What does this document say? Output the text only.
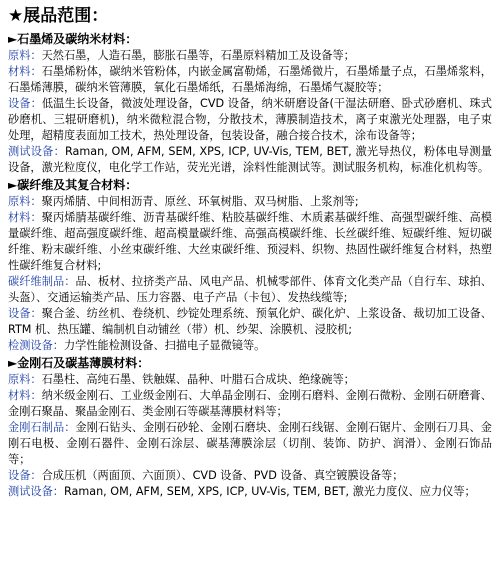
★展品范围：
►石墨烯及碳纳米材料：
原料：天然石墨，人造石墨，膨胀石墨等，石墨原料精加工及设备等；
材料：石墨烯粉体，碳纳米管粉体，内嵌金属富勒烯，石墨烯微片，石墨烯量子点，石墨烯浆料，石墨烯薄膜，碳纳米管薄膜，氧化石墨烯纸，石墨烯海绵，石墨烯气凝胶等；
设备：低温生长设备，微波处理设备，CVD 设备，纳米研磨设备(干湿法研磨、卧式砂磨机、珠式砂磨机、三辊研磨机)，纳米微粒混合物，分散技术，薄膜制造技术，离子束激光处理器，电子束处理，超精度表面加工技术，热处理设备，包装设备，融合接合技术，涂布设备等；
测试设备：Raman, OM, AFM, SEM, XPS, ICP, UV-Vis, TEM, BET, 激光导热仪，粉体电导测量设备，激光粒度仪，电化学工作站，荧光光谱，涂料性能测试等。测试服务机构，标准化机构等。
►碳纤维及其复合材料：
原料：聚丙烯腈、中间相沥青、原丝、环氧树脂、双马树脂、上浆剂等;
材料：聚丙烯腈基碳纤维、沥青基碳纤维、粘胶基碳纤维、木质素基碳纤维、高强型碳纤维、高模量碳纤维、超高强度碳纤维、超高模量碳纤维、高强高模碳纤维、长丝碳纤维、短碳纤维、短切碳纤维、粉末碳纤维、小丝束碳纤维、大丝束碳纤维、预浸料、织物、热固性碳纤维复合材料，热塑性碳纤维复合材料;
碳纤维制品：品、板材、拉挤类产品、风电产品、机械零部件、体育文化类产品（自行车、球拍、头盔）、交通运输类产品、压力容器、电子产品（卡包）、发热线缆等;
设备：聚合釜、纺丝机、卷绕机、纱锭处理系统、预氧化炉、碳化炉、上浆设备、裁切加工设备、RTM 机、热压罐、编制机自动铺丝（带）机、纱架、涂膜机、浸胶机;
检测设备：力学性能检测设备、扫描电子显微镜等。
►金刚石及碳基薄膜材料：
原料：石墨柱、高纯石墨、铁触媒、晶种、叶腊石合成块、绝缘碗等；
材料：纳米级金刚石、工业级金刚石、大单晶金刚石、金刚石磨料、金刚石微粉、金刚石研磨膏、金刚石聚晶、聚晶金刚石、类金刚石等碳基薄膜材料等；
金刚石制品：金刚石钻头、金刚石砂轮、金刚石磨块、金刚石线锯、金刚石锯片、金刚石刀具、金刚石电极、金刚石器件、金刚石涂层、碳基薄膜涂层（切削、装饰、防护、润滑）、金刚石饰品等；
设备：合成压机（两面顶、六面顶）、CVD 设备、PVD 设备、真空镀膜设备等；
测试设备：Raman, OM, AFM, SEM, XPS, ICP, UV-Vis, TEM, BET, 激光力度仪、应力仪等；
